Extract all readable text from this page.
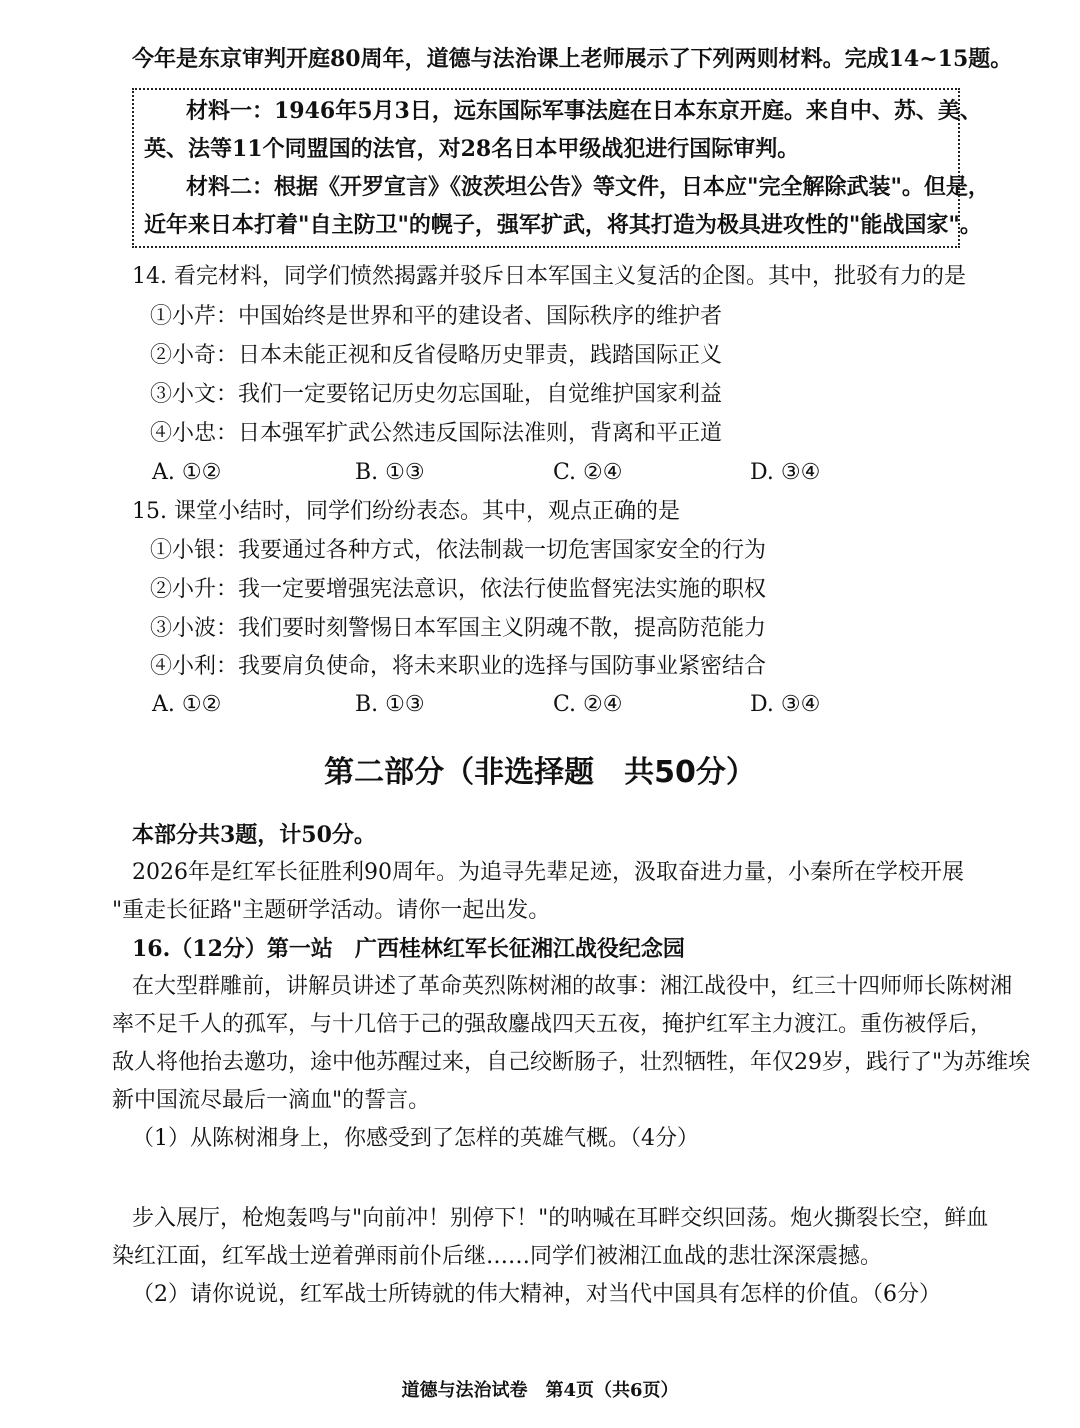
今年是东京审判开庭80周年，道德与法治课上老师展示了下列两则材料。完成14~15题。
材料一：1946年5月3日，远东国际军事法庭在日本东京开庭。来自中、苏、美、
英、法等11个同盟国的法官，对28名日本甲级战犯进行国际审判。
材料二：根据《开罗宣言》《波茨坦公告》等文件，日本应"完全解除武装"。但是，
近年来日本打着"自主防卫"的幌子，强军扩武，将其打造为极具进攻性的"能战国家"。
14. 看完材料，同学们愤然揭露并驳斥日本军国主义复活的企图。其中，批驳有力的是
①小芹：中国始终是世界和平的建设者、国际秩序的维护者
②小奇：日本未能正视和反省侵略历史罪责，践踏国际正义
③小文：我们一定要铭记历史勿忘国耻，自觉维护国家利益
④小忠：日本强军扩武公然违反国际法准则，背离和平正道
A. ①②	B. ①③	C. ②④	D. ③④
15. 课堂小结时，同学们纷纷表态。其中，观点正确的是
①小银：我要通过各种方式，依法制裁一切危害国家安全的行为
②小升：我一定要增强宪法意识，依法行使监督宪法实施的职权
③小波：我们要时刻警惕日本军国主义阴魂不散，提高防范能力
④小利：我要肩负使命，将未来职业的选择与国防事业紧密结合
A. ①②	B. ①③	C. ②④	D. ③④
第二部分（非选择题　共50分）
本部分共3题，计50分。
2026年是红军长征胜利90周年。为追寻先辈足迹，汲取奋进力量，小秦所在学校开展
"重走长征路"主题研学活动。请你一起出发。
16.（12分）第一站　广西桂林红军长征湘江战役纪念园
在大型群雕前，讲解员讲述了革命英烈陈树湘的故事：湘江战役中，红三十四师师长陈树湘
率不足千人的孤军，与十几倍于己的强敌鏖战四天五夜，掩护红军主力渡江。重伤被俘后，
敌人将他抬去邀功，途中他苏醒过来，自己绞断肠子，壮烈牺牲，年仅29岁，践行了"为苏维埃
新中国流尽最后一滴血"的誓言。
（1）从陈树湘身上，你感受到了怎样的英雄气概。（4分）
步入展厅，枪炮轰鸣与"向前冲！别停下！"的呐喊在耳畔交织回荡。炮火撕裂长空，鲜血
染红江面，红军战士逆着弹雨前仆后继……同学们被湘江血战的悲壮深深震撼。
（2）请你说说，红军战士所铸就的伟大精神，对当代中国具有怎样的价值。（6分）
道德与法治试卷　第4页（共6页）
